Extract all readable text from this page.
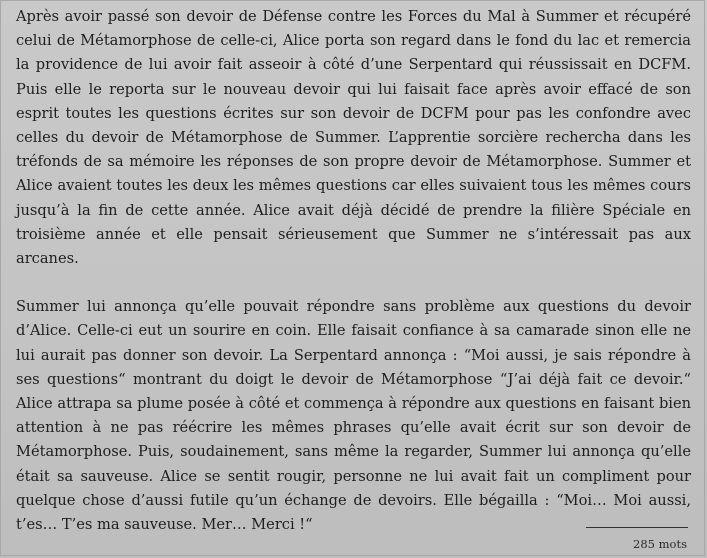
Après avoir passé son devoir de Défense contre les Forces du Mal à Summer et récupéré celui de Métamorphose de celle-ci, Alice porta son regard dans le fond du lac et remercia la providence de lui avoir fait asseoir à côté d’une Serpentard qui réussissait en DCFM. Puis elle le reporta sur le nouveau devoir qui lui faisait face après avoir effacé de son esprit toutes les questions écrites sur son devoir de DCFM pour pas les confondre avec celles du devoir de Métamorphose de Summer. L’apprentie sorcière rechercha dans les tréfonds de sa mémoire les réponses de son propre devoir de Métamorphose. Summer et Alice avaient toutes les deux les mêmes questions car elles suivaient tous les mêmes cours jusqu’à la fin de cette année. Alice avait déjà décidé de prendre la filière Spéciale en troisième année et elle pensait sérieusement que Summer ne s’intéressait pas aux arcanes.

Summer lui annonça qu’elle pouvait répondre sans problème aux questions du devoir d’Alice. Celle-ci eut un sourire en coin. Elle faisait confiance à sa camarade sinon elle ne lui aurait pas donner son devoir. La Serpentard annonça : “Moi aussi, je sais répondre à ses questions“ montrant du doigt le devoir de Métamorphose “J’ai déjà fait ce devoir.“ Alice attrapa sa plume posée à côté et commença à répondre aux questions en faisant bien attention à ne pas réécrire les mêmes phrases qu’elle avait écrit sur son devoir de Métamorphose. Puis, soudainement, sans même la regarder, Summer lui annonça qu’elle était sa sauveuse. Alice se sentit rougir, personne ne lui avait fait un compliment pour quelque chose d’aussi futile qu’un échange de devoirs. Elle bégailla : “Moi… Moi aussi, t’es… T’es ma sauveuse. Mer… Merci !“

285 mots
